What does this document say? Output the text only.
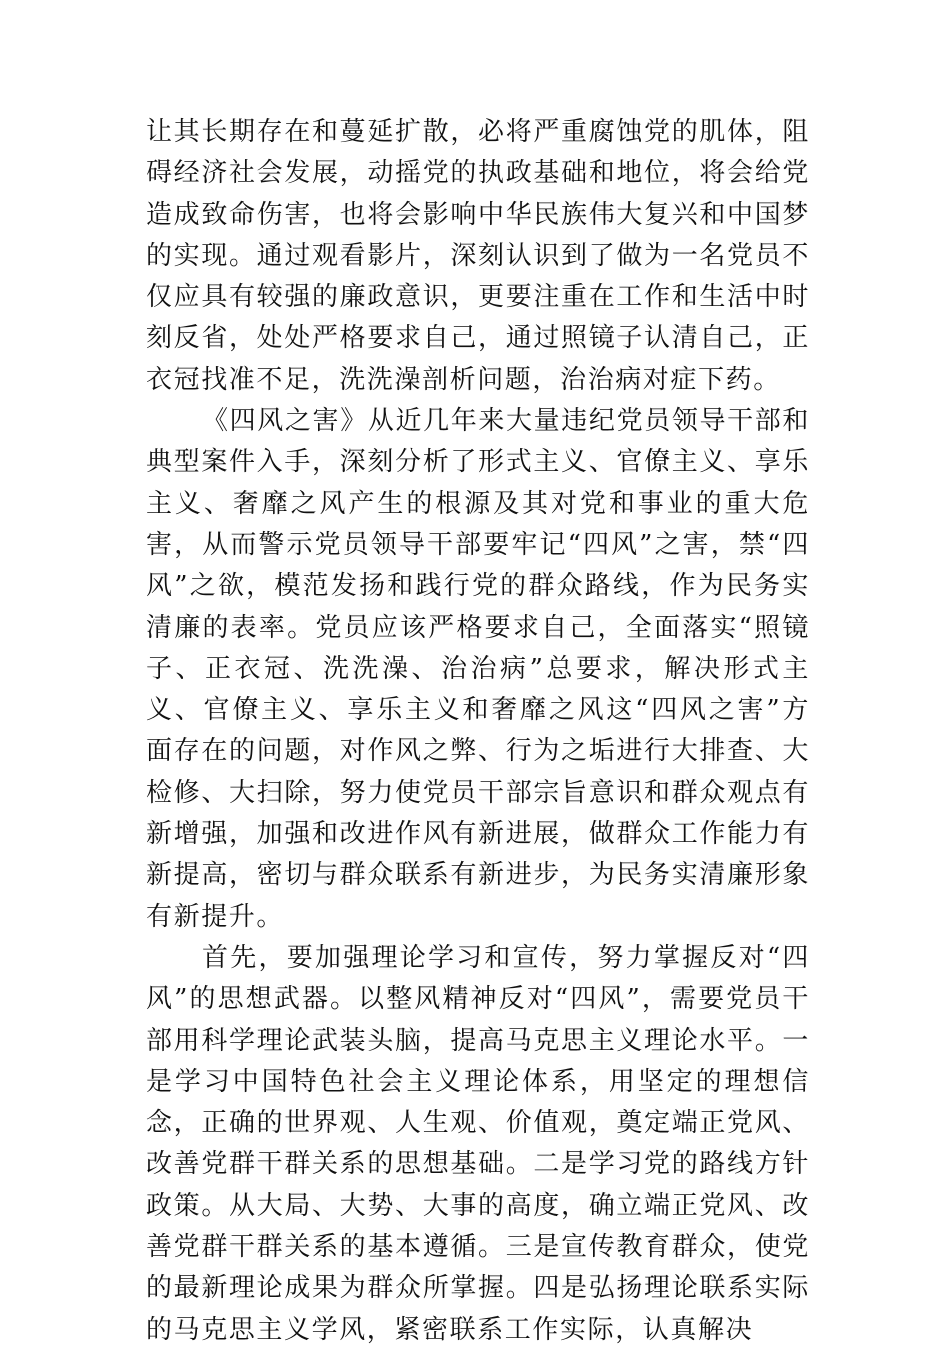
让其长期存在和蔓延扩散，必将严重腐蚀党的肌体，阻碍经济社会发展，动摇党的执政基础和地位，将会给党造成致命伤害，也将会影响中华民族伟大复兴和中国梦的实现。通过观看影片，深刻认识到了做为一名党员不仅应具有较强的廉政意识，更要注重在工作和生活中时刻反省，处处严格要求自己，通过照镜子认清自己，正衣冠找准不足，洗洗澡剖析问题，治治病对症下药。

《四风之害》从近几年来大量违纪党员领导干部和典型案件入手，深刻分析了形式主义、官僚主义、享乐主义、奢靡之风产生的根源及其对党和事业的重大危害，从而警示党员领导干部要牢记“四风”之害，禁“四风”之欲，模范发扬和践行党的群众路线，作为民务实清廉的表率。党员应该严格要求自己，全面落实“照镜子、正衣冠、洗洗澡、治治病”总要求，解决形式主义、官僚主义、享乐主义和奢靡之风这“四风之害”方面存在的问题，对作风之弊、行为之垢进行大排查、大检修、大扫除，努力使党员干部宗旨意识和群众观点有新增强，加强和改进作风有新进展，做群众工作能力有新提高，密切与群众联系有新进步，为民务实清廉形象有新提升。

首先，要加强理论学习和宣传，努力掌握反对“四风”的思想武器。以整风精神反对“四风”，需要党员干部用科学理论武装头脑，提高马克思主义理论水平。一是学习中国特色社会主义理论体系，用坚定的理想信念，正确的世界观、人生观、价值观，奠定端正党风、改善党群干群关系的思想基础。二是学习党的路线方针政策。从大局、大势、大事的高度，确立端正党风、改善党群干群关系的基本遵循。三是宣传教育群众，使党的最新理论成果为群众所掌握。四是弘扬理论联系实际的马克思主义学风，紧密联系工作实际，认真解决
